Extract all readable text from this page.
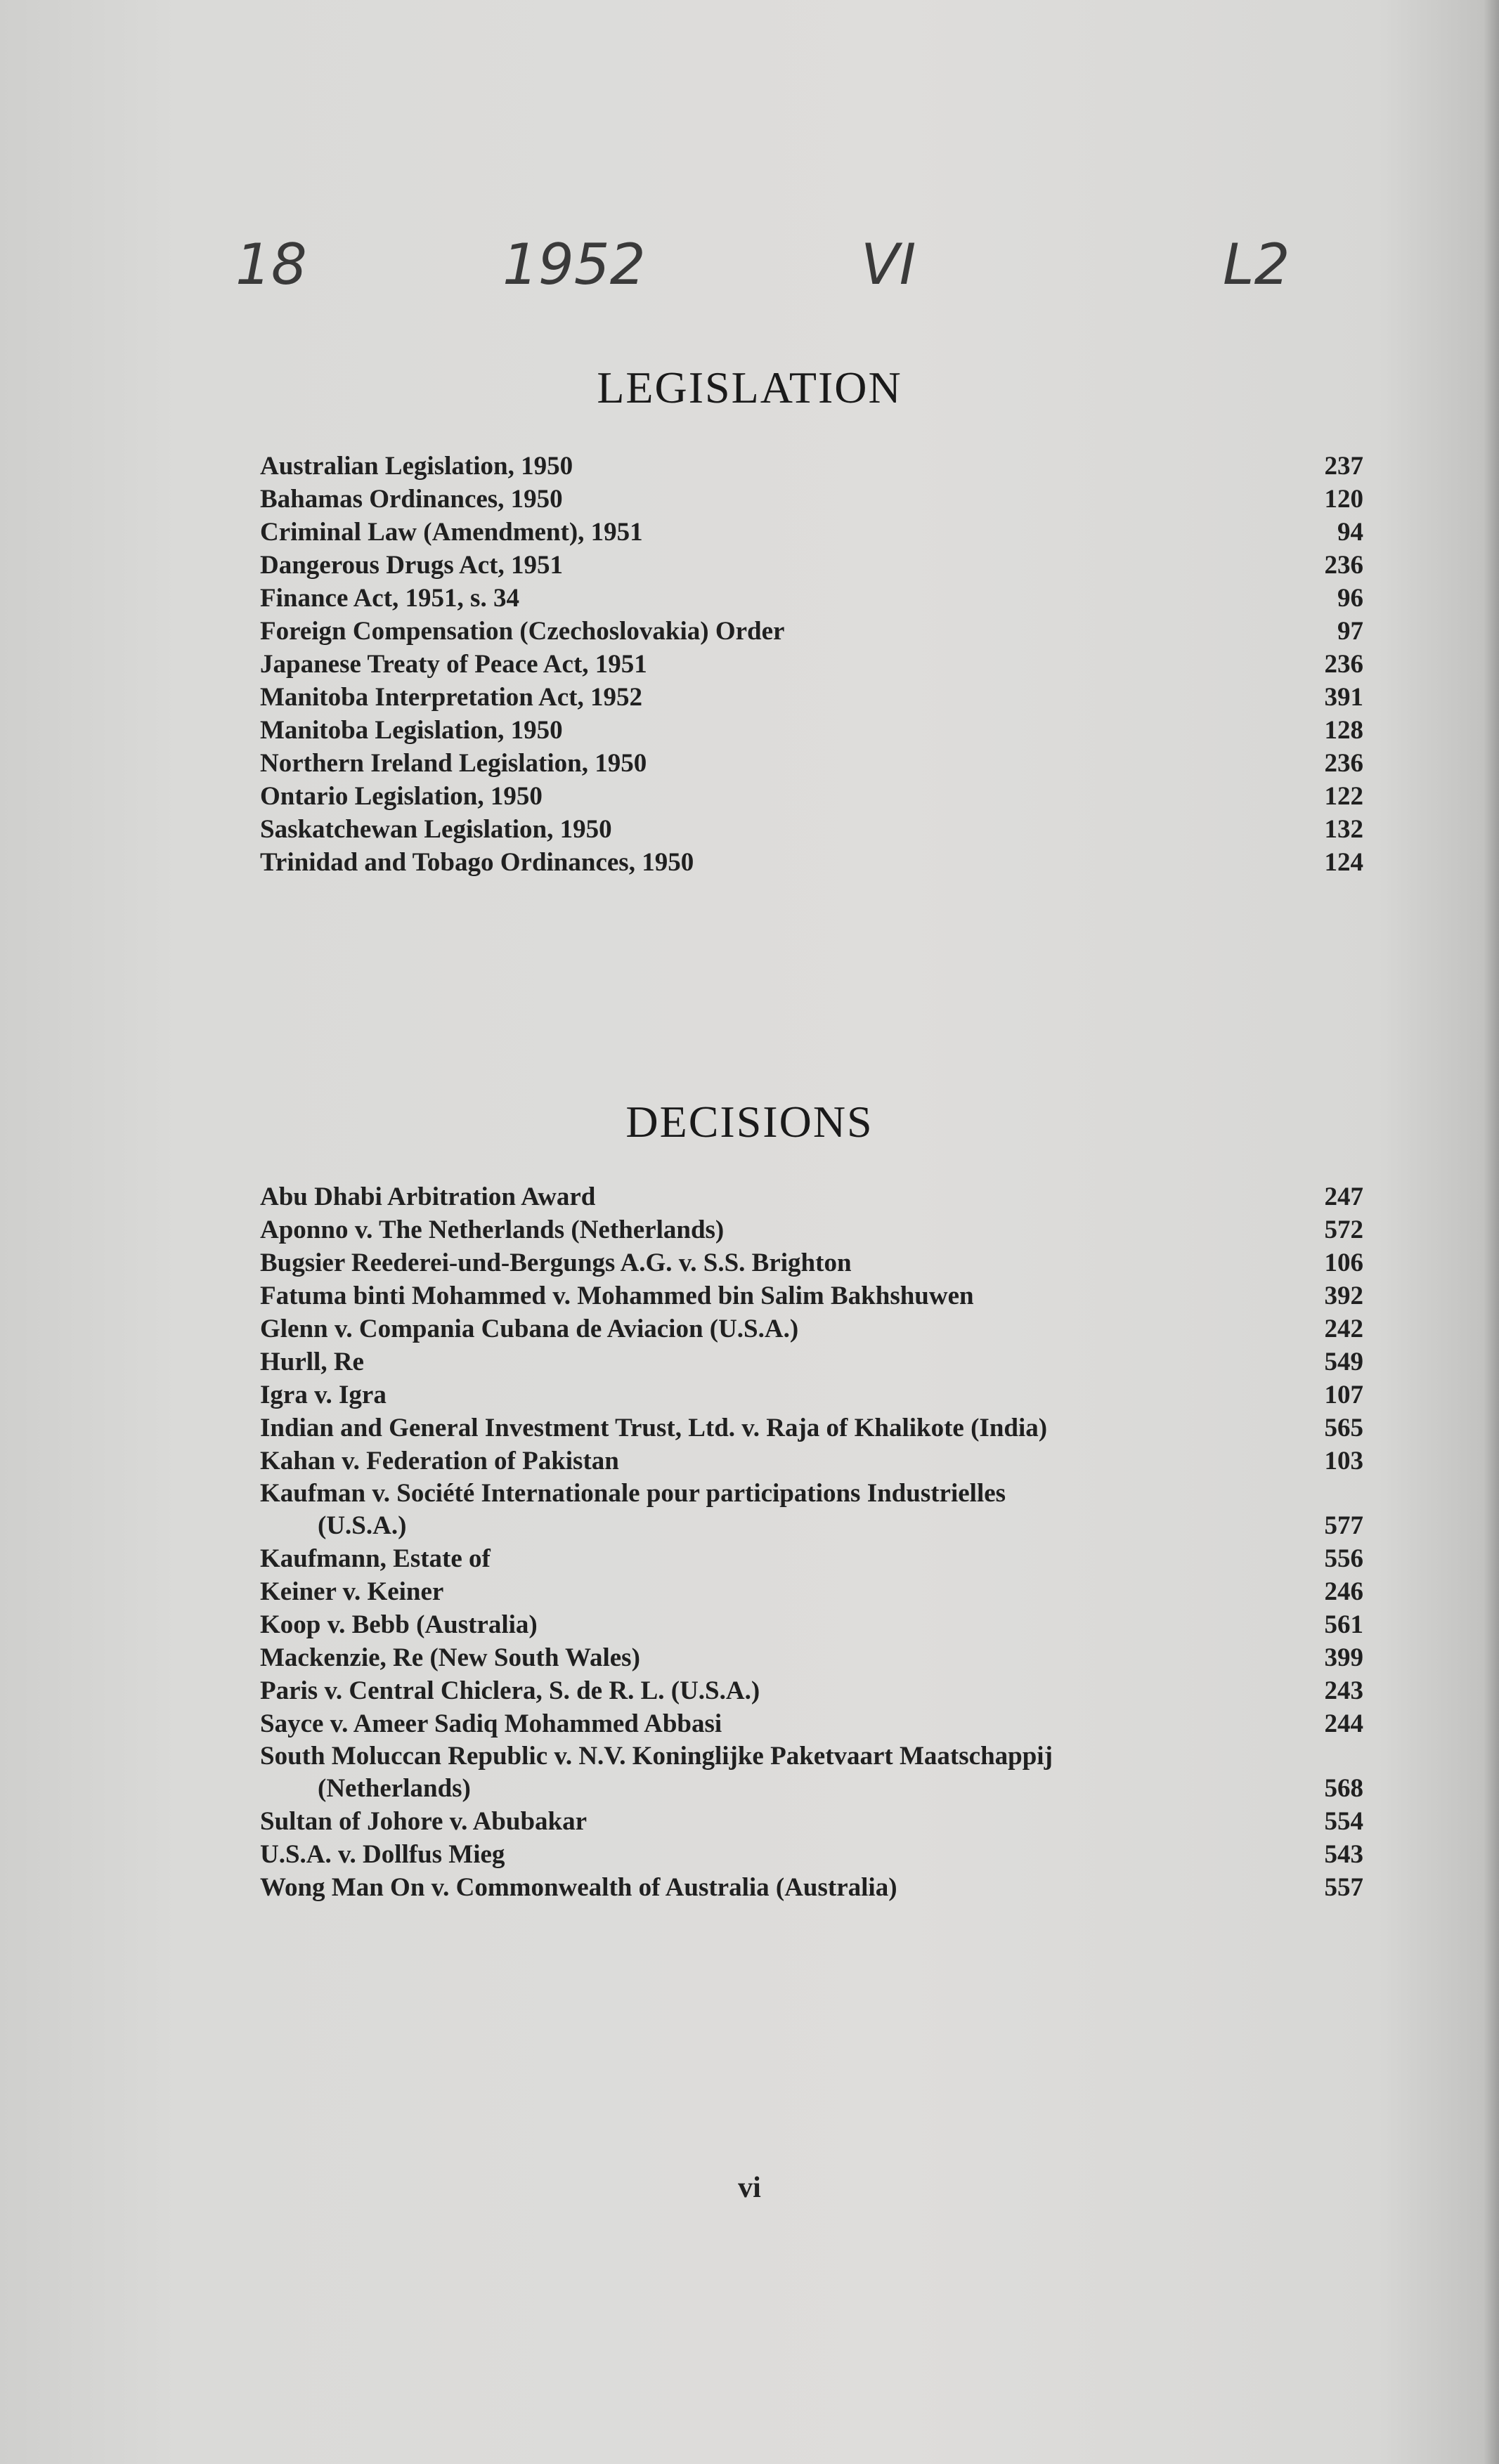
18	1952	VI	L2
LEGISLATION
Australian Legislation, 1950	237
Bahamas Ordinances, 1950	120
Criminal Law (Amendment), 1951	94
Dangerous Drugs Act, 1951	236
Finance Act, 1951, s. 34	96
Foreign Compensation (Czechoslovakia) Order	97
Japanese Treaty of Peace Act, 1951	236
Manitoba Interpretation Act, 1952	391
Manitoba Legislation, 1950	128
Northern Ireland Legislation, 1950	236
Ontario Legislation, 1950	122
Saskatchewan Legislation, 1950	132
Trinidad and Tobago Ordinances, 1950	124
DECISIONS
Abu Dhabi Arbitration Award	247
Aponno v. The Netherlands (Netherlands)	572
Bugsier Reederei-und-Bergungs A.G. v. S.S. Brighton	106
Fatuma binti Mohammed v. Mohammed bin Salim Bakhshuwen	392
Glenn v. Compania Cubana de Aviacion (U.S.A.)	242
Hurll, Re	549
Igra v. Igra	107
Indian and General Investment Trust, Ltd. v. Raja of Khalikote (India)	565
Kahan v. Federation of Pakistan	103
Kaufman v. Société Internationale pour participations Industrielles
(U.S.A.)	577
Kaufmann, Estate of	556
Keiner v. Keiner	246
Koop v. Bebb (Australia)	561
Mackenzie, Re (New South Wales)	399
Paris v. Central Chiclera, S. de R. L. (U.S.A.)	243
Sayce v. Ameer Sadiq Mohammed Abbasi	244
South Moluccan Republic v. N.V. Koninglijke Paketvaart Maatschappij
(Netherlands)	568
Sultan of Johore v. Abubakar	554
U.S.A. v. Dollfus Mieg	543
Wong Man On v. Commonwealth of Australia (Australia)	557
vi
